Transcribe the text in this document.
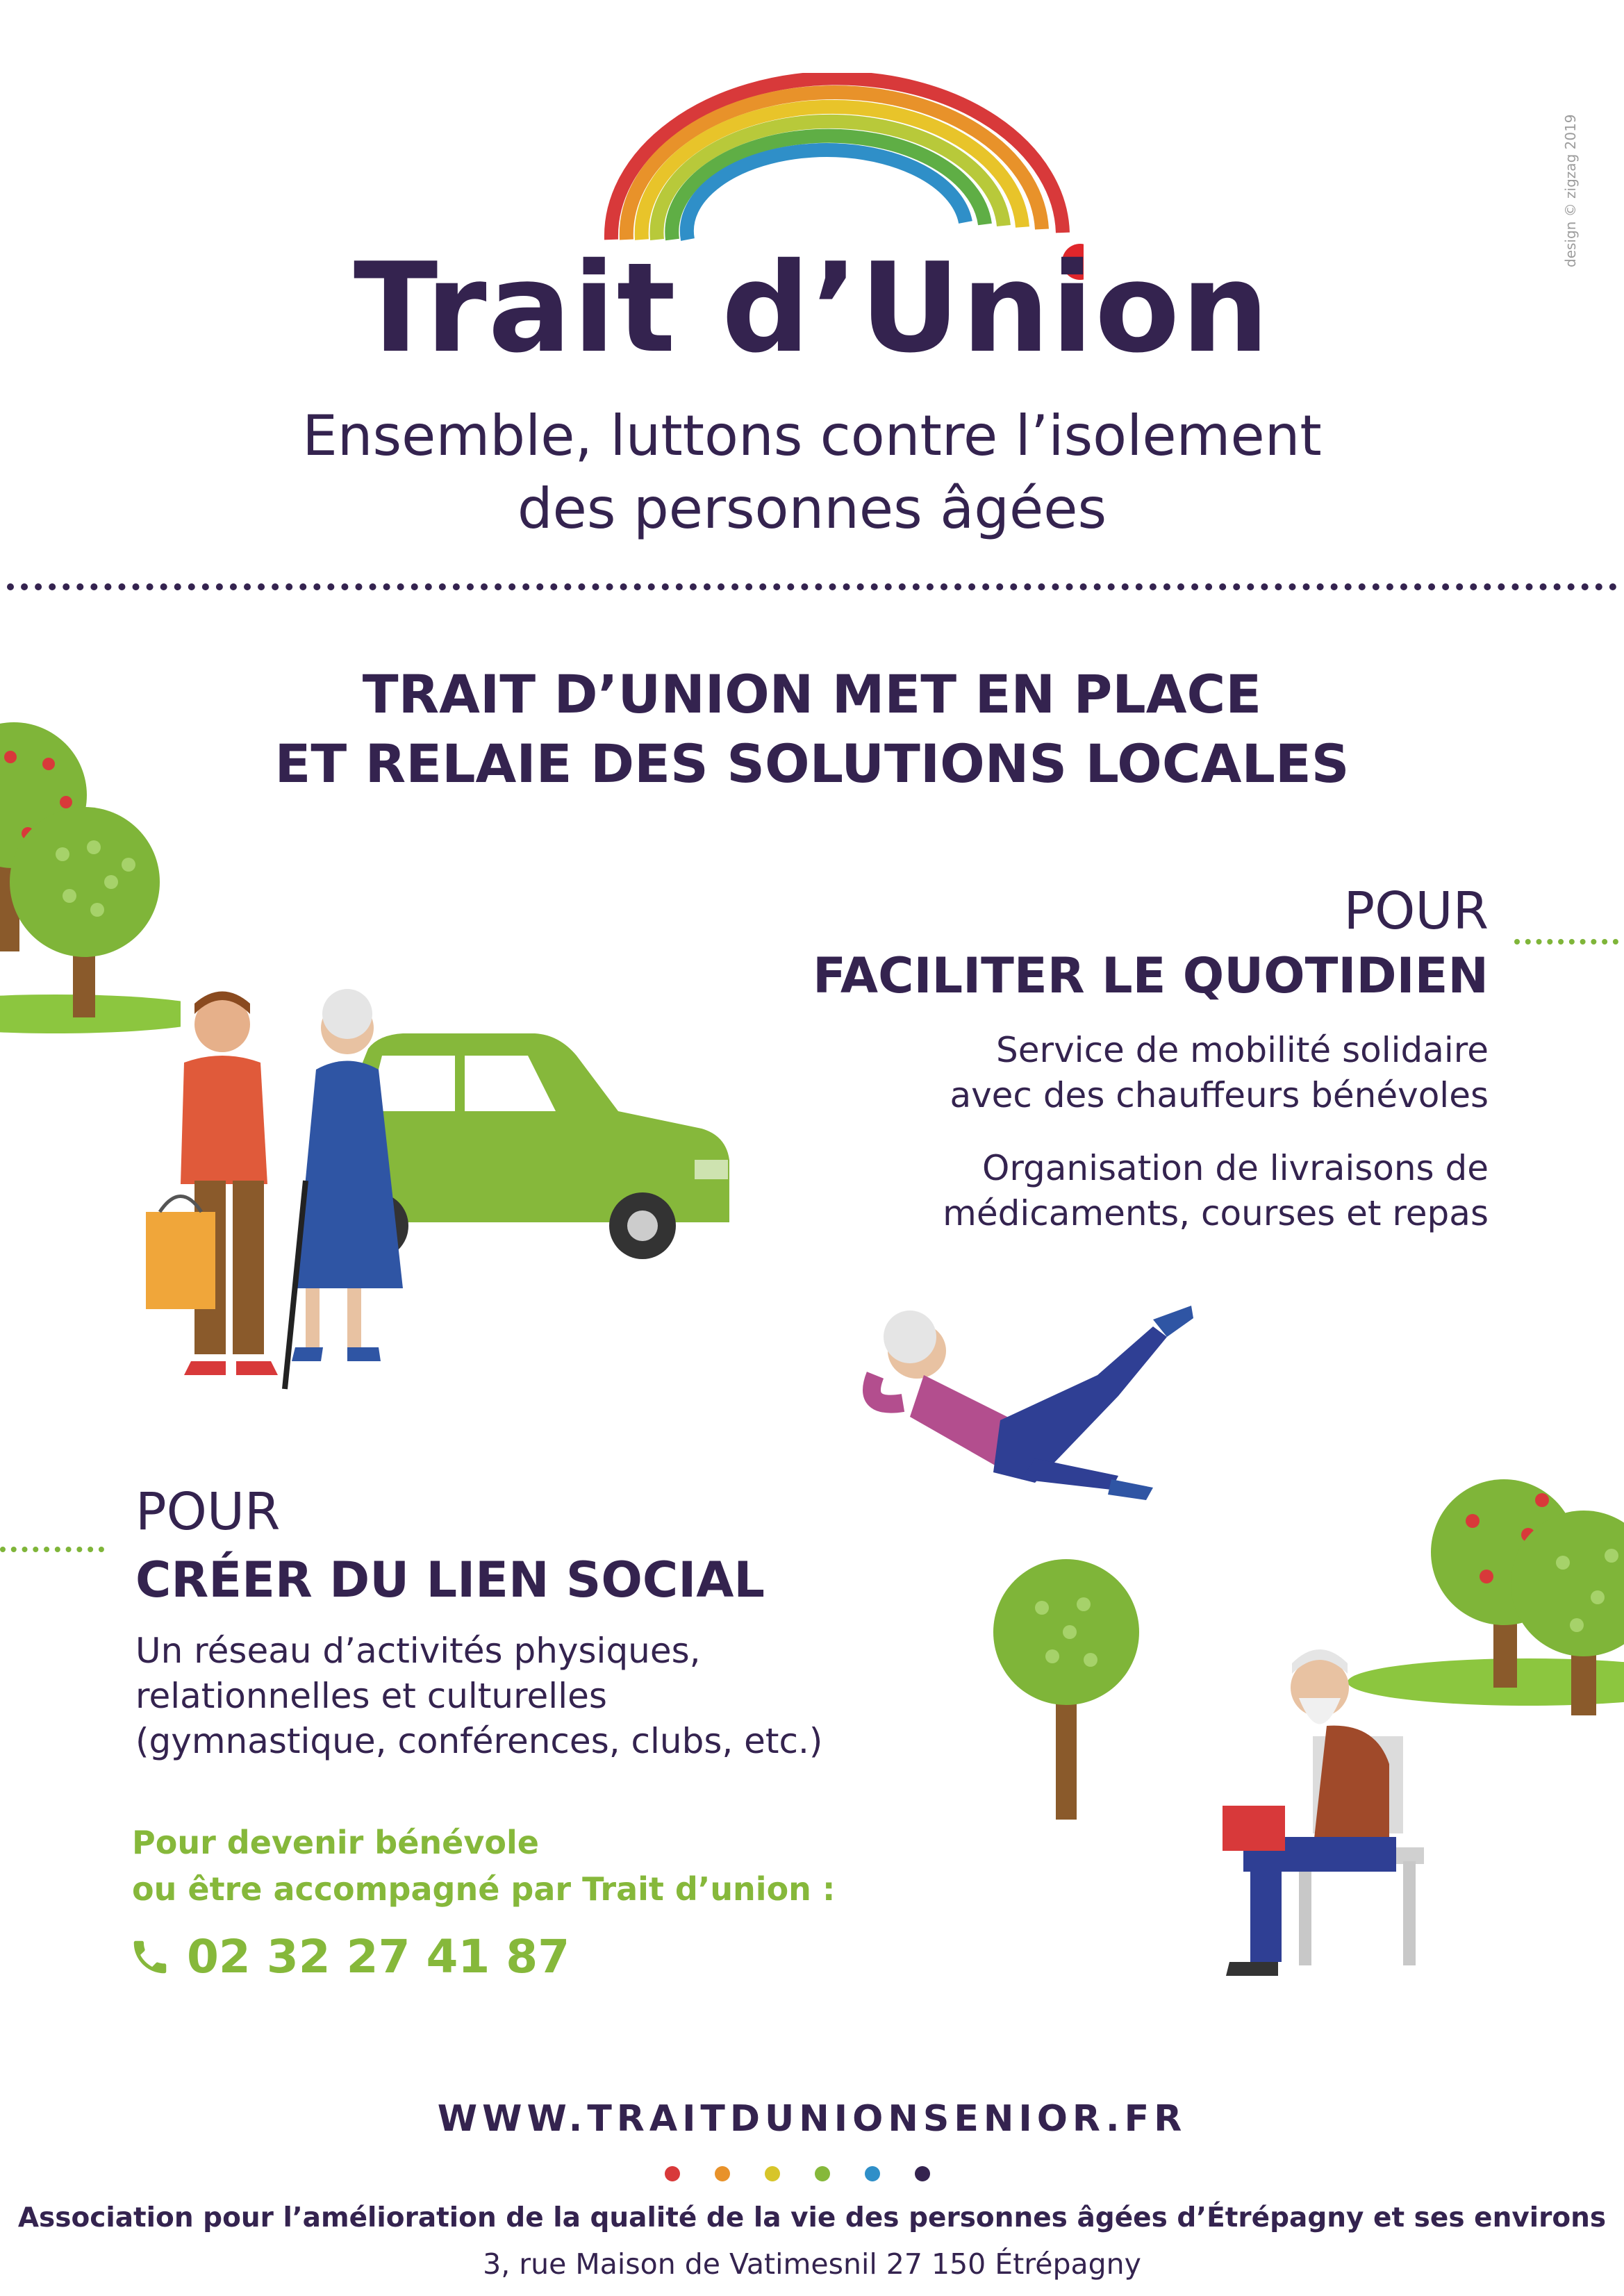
design © zigzag 2019
Trait d’Union
Ensemble, luttons contre l’isolement
des personnes âgées
TRAIT D’UNION MET EN PLACE
ET RELAIE DES SOLUTIONS LOCALES
POUR
FACILITER LE QUOTIDIEN
Service de mobilité solidaire
avec des chauffeurs bénévoles
Organisation de livraisons de
médicaments, courses et repas
POUR
CRÉER DU LIEN SOCIAL
Un réseau d’activités physiques,
relationnelles et culturelles
(gymnastique, conférences, clubs, etc.)
Pour devenir bénévole
ou être accompagné par Trait d’union :
02 32 27 41 87
WWW.TRAITDUNIONSENIOR.FR
Association pour l’amélioration de la qualité de la vie des personnes âgées d’Étrépagny et ses environs
3, rue Maison de Vatimesnil 27 150 Étrépagny
